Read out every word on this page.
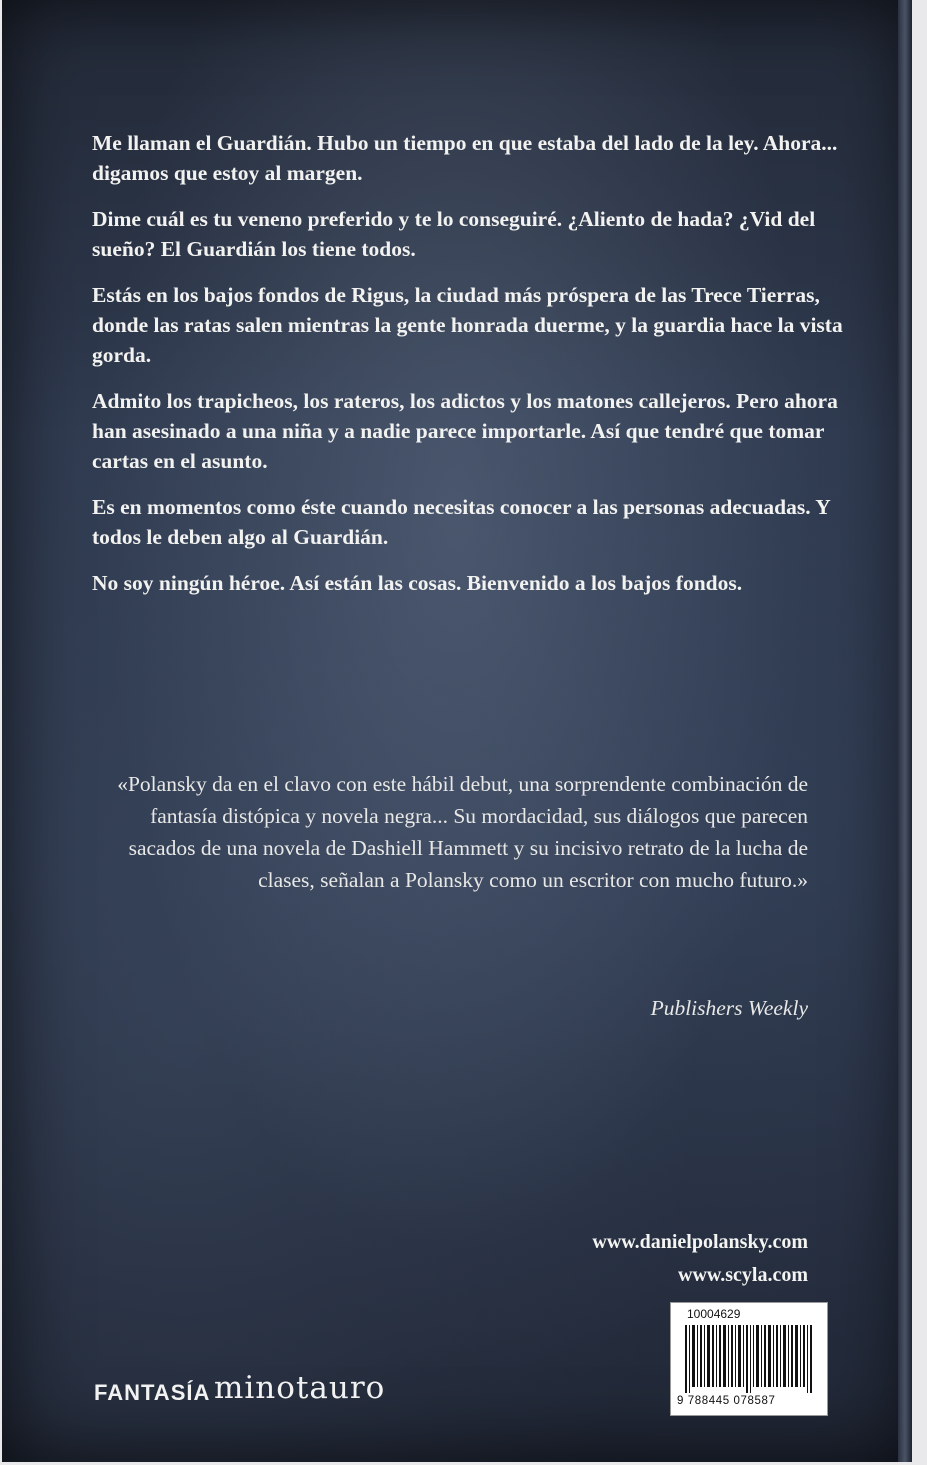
Me llaman el Guardián. Hubo un tiempo en que estaba del lado de la ley. Ahora... digamos que estoy al margen.

Dime cuál es tu veneno preferido y te lo conseguiré. ¿Aliento de hada? ¿Vid del sueño? El Guardián los tiene todos.

Estás en los bajos fondos de Rigus, la ciudad más próspera de las Trece Tierras, donde las ratas salen mientras la gente honrada duerme, y la guardia hace la vista gorda.

Admito los trapicheos, los rateros, los adictos y los matones callejeros. Pero ahora han asesinado a una niña y a nadie parece importarle. Así que tendré que tomar cartas en el asunto.

Es en momentos como éste cuando necesitas conocer a las personas adecuadas. Y todos le deben algo al Guardián.

No soy ningún héroe. Así están las cosas. Bienvenido a los bajos fondos.

«Polansky da en el clavo con este hábil debut, una sorprendente combinación de fantasía distópica y novela negra... Su mordacidad, sus diálogos que parecen sacados de una novela de Dashiell Hammett y su incisivo retrato de la lucha de clases, señalan a Polansky como un escritor con mucho futuro.»
Publishers Weekly
www.danielpolansky.com
www.scyla.com
10004629
9 788445 078587
FANTASÍA minotauro
